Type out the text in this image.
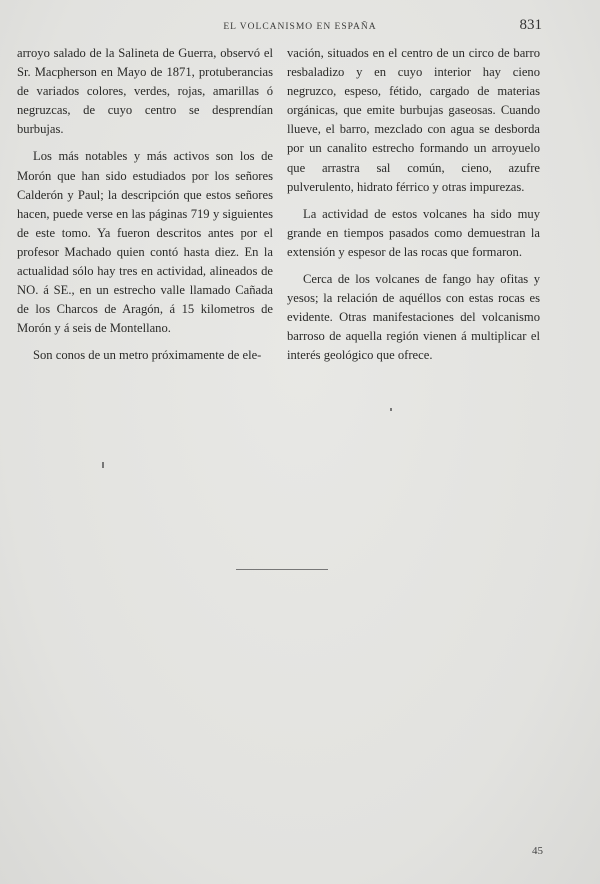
EL VOLCANISMO EN ESPAÑA	831

arroyo salado de la Salineta de Guerra, observó el Sr. Macpherson en Mayo de 1871, protuberancias de variados colores, verdes, rojas, amarillas ó negruzcas, de cuyo centro se desprendían burbujas.

Los más notables y más activos son los de Morón que han sido estudiados por los señores Calderón y Paul; la descripción que estos señores hacen, puede verse en las páginas 719 y siguientes de este tomo. Ya fueron descritos antes por el profesor Machado quien contó hasta diez. En la actualidad sólo hay tres en actividad, alineados de NO. á SE., en un estrecho valle llamado Cañada de los Charcos de Aragón, á 15 kilometros de Morón y á seis de Montellano.

Son conos de un metro próximamente de ele-

vación, situados en el centro de un circo de barro resbaladizo y en cuyo interior hay cieno negruzco, espeso, fétido, cargado de materias orgánicas, que emite burbujas gaseosas. Cuando llueve, el barro, mezclado con agua se desborda por un canalito estrecho formando un arroyuelo que arrastra sal común, cieno, azufre pulverulento, hidrato férrico y otras impurezas.

La actividad de estos volcanes ha sido muy grande en tiempos pasados como demuestran la extensión y espesor de las rocas que formaron.

Cerca de los volcanes de fango hay ofitas y yesos; la relación de aquéllos con estas rocas es evidente. Otras manifestaciones del volcanismo barroso de aquella región vienen á multiplicar el interés geológico que ofrece.

45
